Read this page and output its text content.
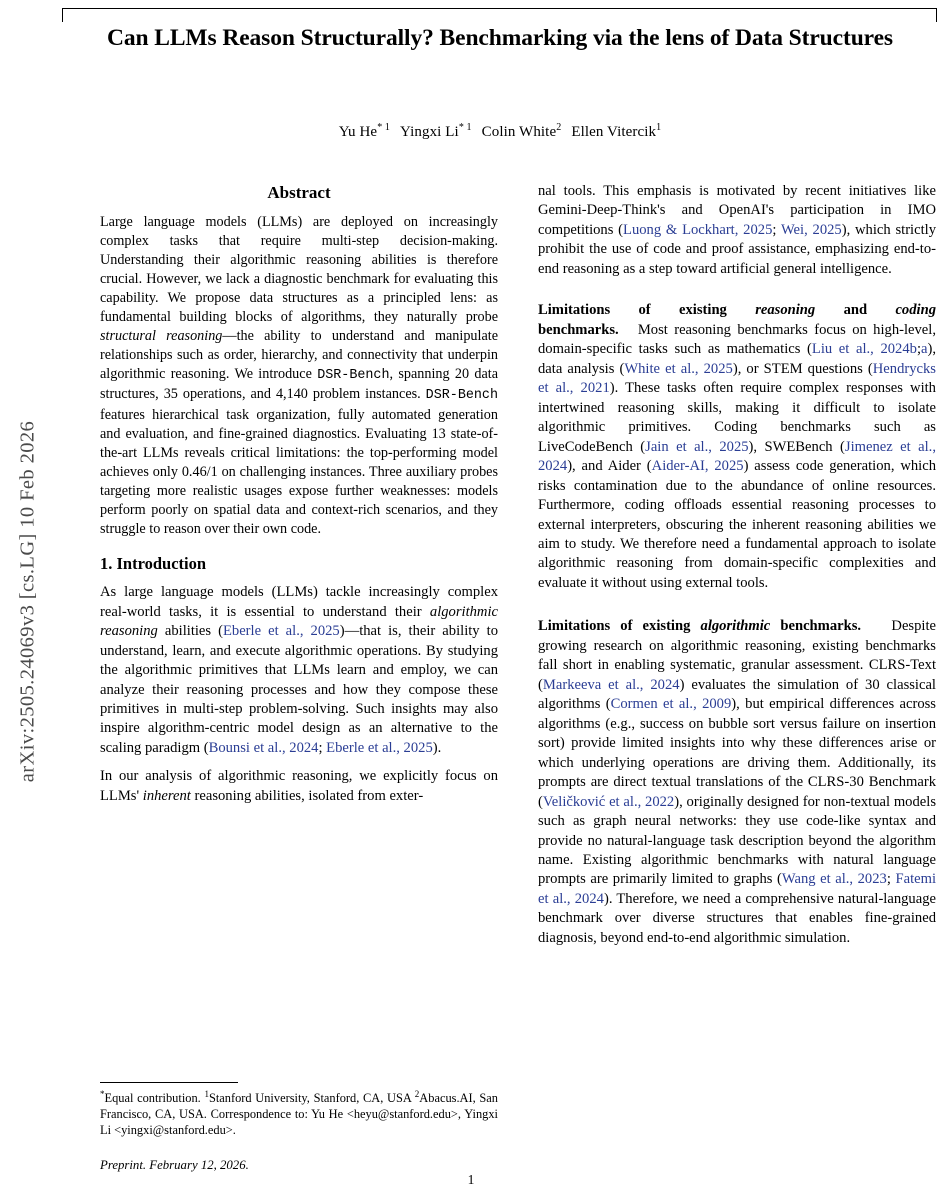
arXiv:2505.24069v3 [cs.LG] 10 Feb 2026
Can LLMs Reason Structurally? Benchmarking via the lens of Data Structures
Yu He$^{* 1}$ Yingxi Li$^{* 1}$ Colin White$^2$ Ellen Vitercik$^1$
Abstract

Large language models (LLMs) are deployed on increasingly complex tasks that require multi-step decision-making. Understanding their algorithmic reasoning abilities is therefore crucial. However, we lack a diagnostic benchmark for evaluating this capability. We propose data structures as a principled lens: as fundamental building blocks of algorithms, they naturally probe structural reasoning—the ability to understand and manipulate relationships such as order, hierarchy, and connectivity that underpin algorithmic reasoning. We introduce DSR-Bench, spanning 20 data structures, 35 operations, and 4,140 problem instances. DSR-Bench features hierarchical task organization, fully automated generation and evaluation, and fine-grained diagnostics. Evaluating 13 state-of-the-art LLMs reveals critical limitations: the top-performing model achieves only 0.46/1 on challenging instances. Three auxiliary probes targeting more realistic usages expose further weaknesses: models perform poorly on spatial data and context-rich scenarios, and they struggle to reason over their own code.

1. Introduction

As large language models (LLMs) tackle increasingly complex real-world tasks, it is essential to understand their algorithmic reasoning abilities (Eberle et al., 2025)—that is, their ability to understand, learn, and execute algorithmic operations. By studying the algorithmic primitives that LLMs learn and employ, we can analyze their reasoning processes and how they compose these primitives in multi-step problem-solving. Such insights may also inspire algorithm-centric model design as an alternative to the scaling paradigm (Bounsi et al., 2024; Eberle et al., 2025).

In our analysis of algorithmic reasoning, we explicitly focus on LLMs' inherent reasoning abilities, isolated from exter-

nal tools. This emphasis is motivated by recent initiatives like Gemini-Deep-Think's and OpenAI's participation in IMO competitions (Luong & Lockhart, 2025; Wei, 2025), which strictly prohibit the use of code and proof assistance, emphasizing end-to-end reasoning as a step toward artificial general intelligence.

Limitations of existing reasoning and coding benchmarks.   Most reasoning benchmarks focus on high-level, domain-specific tasks such as mathematics (Liu et al., 2024b;a), data analysis (White et al., 2025), or STEM questions (Hendrycks et al., 2021). These tasks often require complex responses with intertwined reasoning skills, making it difficult to isolate algorithmic primitives. Coding benchmarks such as LiveCodeBench (Jain et al., 2025), SWEBench (Jimenez et al., 2024), and Aider (Aider-AI, 2025) assess code generation, which risks contamination due to the abundance of online resources. Furthermore, coding offloads essential reasoning processes to external interpreters, obscuring the inherent reasoning abilities we aim to study. We therefore need a fundamental approach to isolate algorithmic reasoning from domain-specific complexities and evaluate it without using external tools.

Limitations of existing algorithmic benchmarks.   Despite growing research on algorithmic reasoning, existing benchmarks fall short in enabling systematic, granular assessment. CLRS-Text (Markeeva et al., 2024) evaluates the simulation of 30 classical algorithms (Cormen et al., 2009), but empirical differences across algorithms (e.g., success on bubble sort versus failure on insertion sort) provide limited insights into why these differences arise or which underlying operations are driving them. Additionally, its prompts are direct textual translations of the CLRS-30 Benchmark (Veličković et al., 2022), originally designed for non-textual models such as graph neural networks: they use code-like syntax and provide no natural-language task description beyond the algorithm name. Existing algorithmic benchmarks with natural language prompts are primarily limited to graphs (Wang et al., 2023; Fatemi et al., 2024). Therefore, we need a comprehensive natural-language benchmark over diverse structures that enables fine-grained diagnosis, beyond end-to-end algorithmic simulation.

*Equal contribution. $^1$Stanford University, Stanford, CA, USA $^2$Abacus.AI, San Francisco, CA, USA. Correspondence to: Yu He <heyu@stanford.edu>, Yingxi Li <yingxi@stanford.edu>.
Preprint. February 12, 2026.
1
